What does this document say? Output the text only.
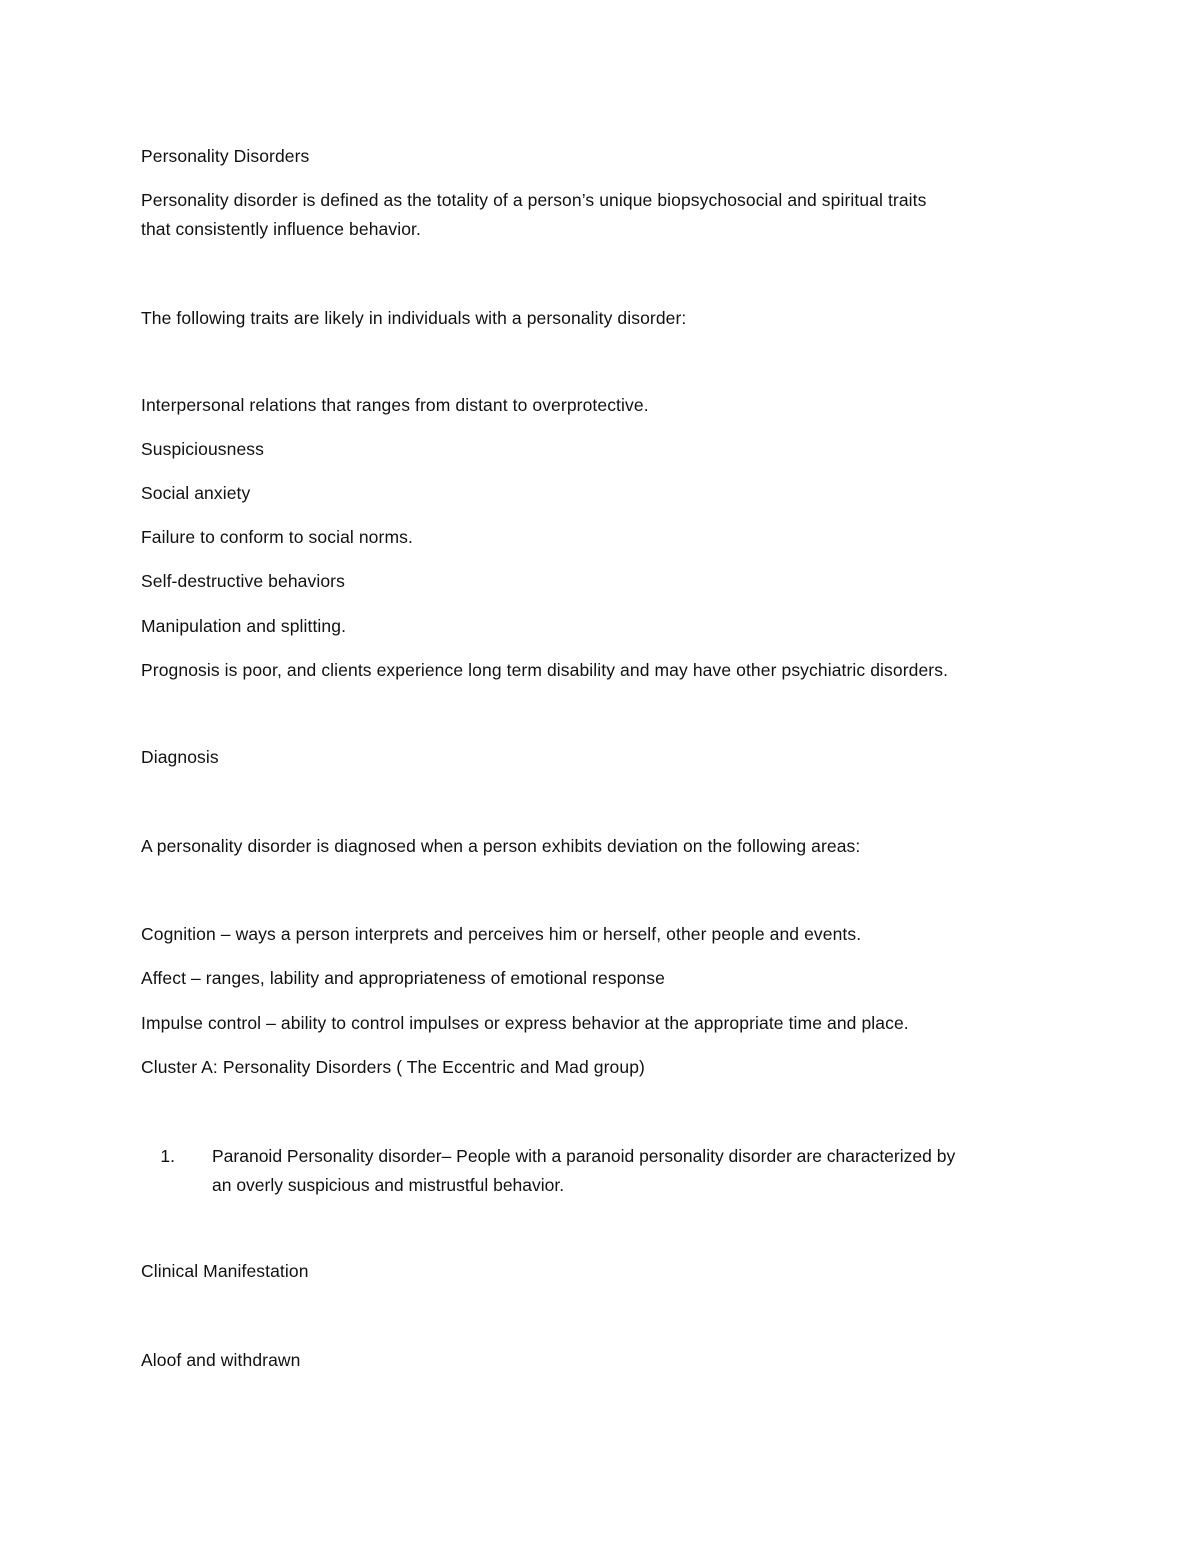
Personality Disorders
Personality disorder is defined as the totality of a person’s unique biopsychosocial and spiritual traits
that consistently influence behavior.
The following traits are likely in individuals with a personality disorder:
Interpersonal relations that ranges from distant to overprotective.
Suspiciousness
Social anxiety
Failure to conform to social norms.
Self-destructive behaviors
Manipulation and splitting.
Prognosis is poor, and clients experience long term disability and may have other psychiatric disorders.
Diagnosis
A personality disorder is diagnosed when a person exhibits deviation on the following areas:
Cognition – ways a person interprets and perceives him or herself, other people and events.
Affect – ranges, lability and appropriateness of emotional response
Impulse control – ability to control impulses or express behavior at the appropriate time and place.
Cluster A: Personality Disorders ( The Eccentric and Mad group)
1. Paranoid Personality disorder– People with a paranoid personality disorder are characterized by
an overly suspicious and mistrustful behavior.
Clinical Manifestation
Aloof and withdrawn
